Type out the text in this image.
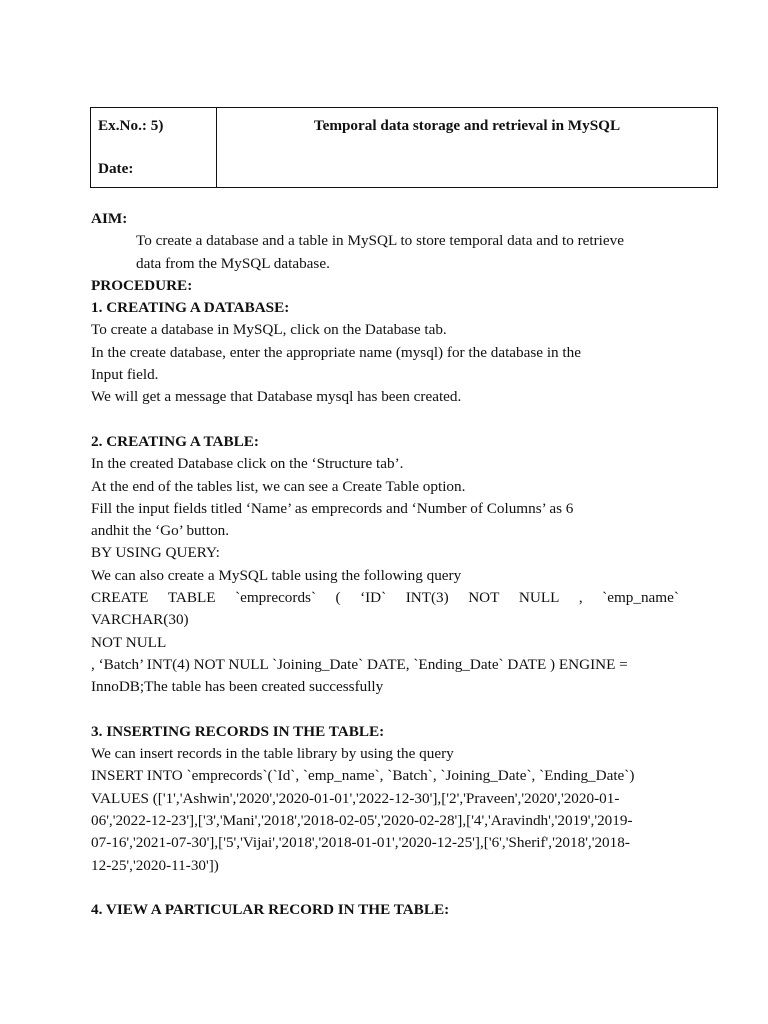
Ex.No.: 5)
Date:
Temporal data storage and retrieval in MySQL
AIM:
To create a database and a table in MySQL to store temporal data and to retrieve
data from the MySQL database.
PROCEDURE:
1. CREATING A DATABASE:
To create a database in MySQL, click on the Database tab.
In the create database, enter the appropriate name (mysql) for the database in the
Input field.
We will get a message that Database mysql has been created.
2. CREATING A TABLE:
In the created Database click on the ‘Structure tab’.
At the end of the tables list, we can see a Create Table option.
Fill the input fields titled ‘Name’ as emprecords and ‘Number of Columns’ as 6
andhit the ‘Go’ button.
BY USING QUERY:
We can also create a MySQL table using the following query
CREATE TABLE `emprecords` ( ‘ID` INT(3) NOT NULL , `emp_name`
VARCHAR(30)
NOT NULL
, ‘Batch’ INT(4) NOT NULL `Joining_Date` DATE, `Ending_Date` DATE ) ENGINE =
InnoDB;The table has been created successfully
3. INSERTING RECORDS IN THE TABLE:
We can insert records in the table library by using the query
INSERT INTO `emprecords`(`Id`, `emp_name`, `Batch`, `Joining_Date`, `Ending_Date`)
VALUES (['1','Ashwin','2020','2020-01-01','2022-12-30'],['2','Praveen','2020','2020-01-
06','2022-12-23'],['3','Mani','2018','2018-02-05','2020-02-28'],['4','Aravindh','2019','2019-
07-16','2021-07-30'],['5','Vijai','2018','2018-01-01','2020-12-25'],['6','Sherif','2018','2018-
12-25','2020-11-30'])
4. VIEW A PARTICULAR RECORD IN THE TABLE:
